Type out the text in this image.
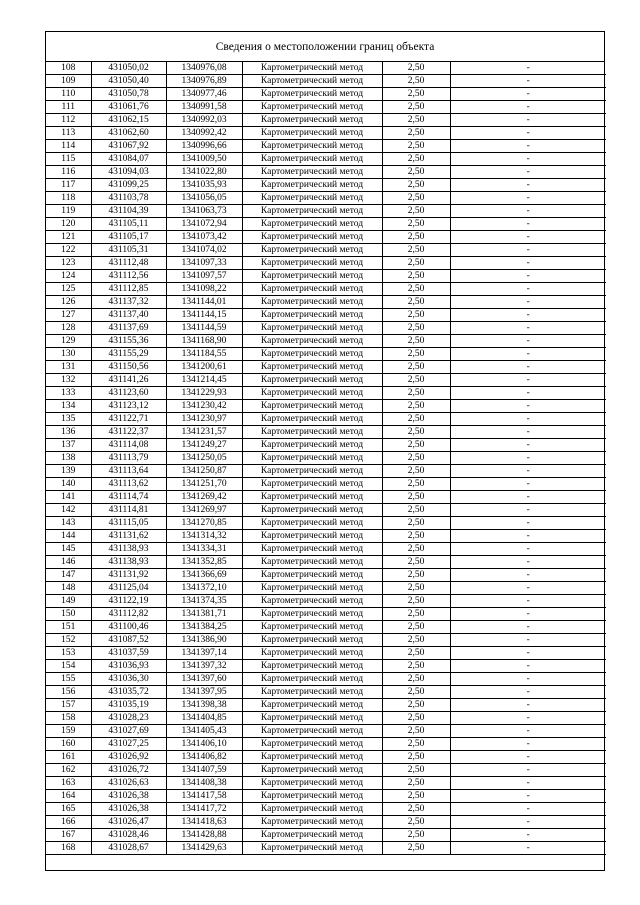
Сведения о местоположении границ объекта
108	431050,02	1340976,08	Картометрический метод	2,50	-
109	431050,40	1340976,89	Картометрический метод	2,50	-
110	431050,78	1340977,46	Картометрический метод	2,50	-
111	431061,76	1340991,58	Картометрический метод	2,50	-
112	431062,15	1340992,03	Картометрический метод	2,50	-
113	431062,60	1340992,42	Картометрический метод	2,50	-
114	431067,92	1340996,66	Картометрический метод	2,50	-
115	431084,07	1341009,50	Картометрический метод	2,50	-
116	431094,03	1341022,80	Картометрический метод	2,50	-
117	431099,25	1341035,93	Картометрический метод	2,50	-
118	431103,78	1341056,05	Картометрический метод	2,50	-
119	431104,39	1341063,73	Картометрический метод	2,50	-
120	431105,11	1341072,94	Картометрический метод	2,50	-
121	431105,17	1341073,42	Картометрический метод	2,50	-
122	431105,31	1341074,02	Картометрический метод	2,50	-
123	431112,48	1341097,33	Картометрический метод	2,50	-
124	431112,56	1341097,57	Картометрический метод	2,50	-
125	431112,85	1341098,22	Картометрический метод	2,50	-
126	431137,32	1341144,01	Картометрический метод	2,50	-
127	431137,40	1341144,15	Картометрический метод	2,50	-
128	431137,69	1341144,59	Картометрический метод	2,50	-
129	431155,36	1341168,90	Картометрический метод	2,50	-
130	431155,29	1341184,55	Картометрический метод	2,50	-
131	431150,56	1341200,61	Картометрический метод	2,50	-
132	431141,26	1341214,45	Картометрический метод	2,50	-
133	431123,60	1341229,93	Картометрический метод	2,50	-
134	431123,12	1341230,42	Картометрический метод	2,50	-
135	431122,71	1341230,97	Картометрический метод	2,50	-
136	431122,37	1341231,57	Картометрический метод	2,50	-
137	431114,08	1341249,27	Картометрический метод	2,50	-
138	431113,79	1341250,05	Картометрический метод	2,50	-
139	431113,64	1341250,87	Картометрический метод	2,50	-
140	431113,62	1341251,70	Картометрический метод	2,50	-
141	431114,74	1341269,42	Картометрический метод	2,50	-
142	431114,81	1341269,97	Картометрический метод	2,50	-
143	431115,05	1341270,85	Картометрический метод	2,50	-
144	431131,62	1341314,32	Картометрический метод	2,50	-
145	431138,93	1341334,31	Картометрический метод	2,50	-
146	431138,93	1341352,85	Картометрический метод	2,50	-
147	431131,92	1341366,69	Картометрический метод	2,50	-
148	431125,04	1341372,10	Картометрический метод	2,50	-
149	431122,19	1341374,35	Картометрический метод	2,50	-
150	431112,82	1341381,71	Картометрический метод	2,50	-
151	431100,46	1341384,25	Картометрический метод	2,50	-
152	431087,52	1341386,90	Картометрический метод	2,50	-
153	431037,59	1341397,14	Картометрический метод	2,50	-
154	431036,93	1341397,32	Картометрический метод	2,50	-
155	431036,30	1341397,60	Картометрический метод	2,50	-
156	431035,72	1341397,95	Картометрический метод	2,50	-
157	431035,19	1341398,38	Картометрический метод	2,50	-
158	431028,23	1341404,85	Картометрический метод	2,50	-
159	431027,69	1341405,43	Картометрический метод	2,50	-
160	431027,25	1341406,10	Картометрический метод	2,50	-
161	431026,92	1341406,82	Картометрический метод	2,50	-
162	431026,72	1341407,59	Картометрический метод	2,50	-
163	431026,63	1341408,38	Картометрический метод	2,50	-
164	431026,38	1341417,58	Картометрический метод	2,50	-
165	431026,38	1341417,72	Картометрический метод	2,50	-
166	431026,47	1341418,63	Картометрический метод	2,50	-
167	431028,46	1341428,88	Картометрический метод	2,50	-
168	431028,67	1341429,63	Картометрический метод	2,50	-
